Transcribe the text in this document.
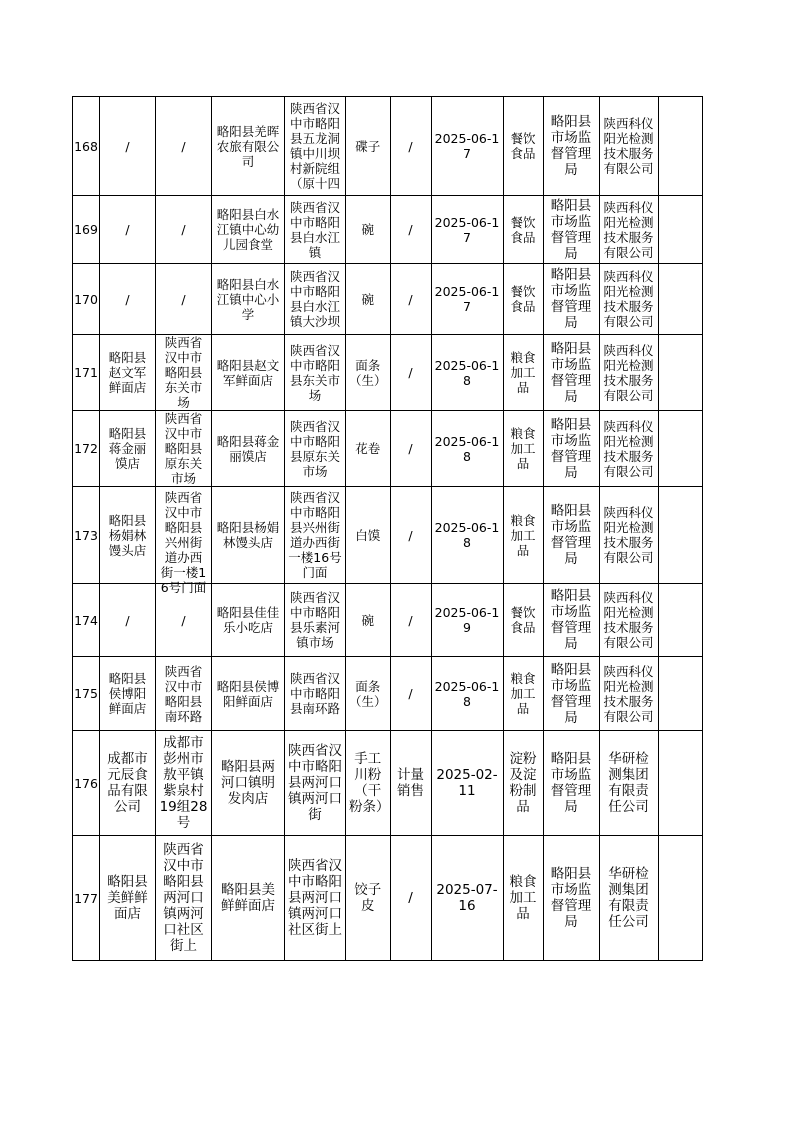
168	/	/	略阳县羌晖农旅有限公司	陕西省汉中市略阳县五龙洞镇中川坝村新院组（原十四	碟子	/	2025-06-17	餐饮食品	略阳县市场监督管理局	陕西科仪阳光检测技术服务有限公司	
169	/	/	略阳县白水江镇中心幼儿园食堂	陕西省汉中市略阳县白水江镇	碗	/	2025-06-17	餐饮食品	略阳县市场监督管理局	陕西科仪阳光检测技术服务有限公司	
170	/	/	略阳县白水江镇中心小学	陕西省汉中市略阳县白水江镇大沙坝	碗	/	2025-06-17	餐饮食品	略阳县市场监督管理局	陕西科仪阳光检测技术服务有限公司	
171	略阳县赵文军鲜面店	陕西省汉中市略阳县东关市场	略阳县赵文军鲜面店	陕西省汉中市略阳县东关市场	面条（生）	/	2025-06-18	粮食加工品	略阳县市场监督管理局	陕西科仪阳光检测技术服务有限公司	
172	略阳县蒋金丽馍店	陕西省汉中市略阳县原东关市场	略阳县蒋金丽馍店	陕西省汉中市略阳县原东关市场	花卷	/	2025-06-18	粮食加工品	略阳县市场监督管理局	陕西科仪阳光检测技术服务有限公司	
173	略阳县杨娟林馒头店	陕西省汉中市略阳县兴州街道办西街一楼16号门面	略阳县杨娟林馒头店	陕西省汉中市略阳县兴州街道办西街一楼16号门面	白馍	/	2025-06-18	粮食加工品	略阳县市场监督管理局	陕西科仪阳光检测技术服务有限公司	
174	/	/	略阳县佳佳乐小吃店	陕西省汉中市略阳县乐素河镇市场	碗	/	2025-06-19	餐饮食品	略阳县市场监督管理局	陕西科仪阳光检测技术服务有限公司	
175	略阳县侯博阳鲜面店	陕西省汉中市略阳县南环路	略阳县侯博阳鲜面店	陕西省汉中市略阳县南环路	面条（生）	/	2025-06-18	粮食加工品	略阳县市场监督管理局	陕西科仪阳光检测技术服务有限公司	
176	成都市元辰食品有限公司	成都市彭州市敖平镇紫泉村19组28号	略阳县两河口镇明发肉店	陕西省汉中市略阳县两河口镇两河口街	手工川粉（干粉条）	计量销售	2025-02-11	淀粉及淀粉制品	略阳县市场监督管理局	华研检测集团有限责任公司	
177	略阳县美鲜鲜面店	陕西省汉中市略阳县两河口镇两河口社区街上	略阳县美鲜鲜面店	陕西省汉中市略阳县两河口镇两河口社区街上	饺子皮	/	2025-07-16	粮食加工品	略阳县市场监督管理局	华研检测集团有限责任公司	
